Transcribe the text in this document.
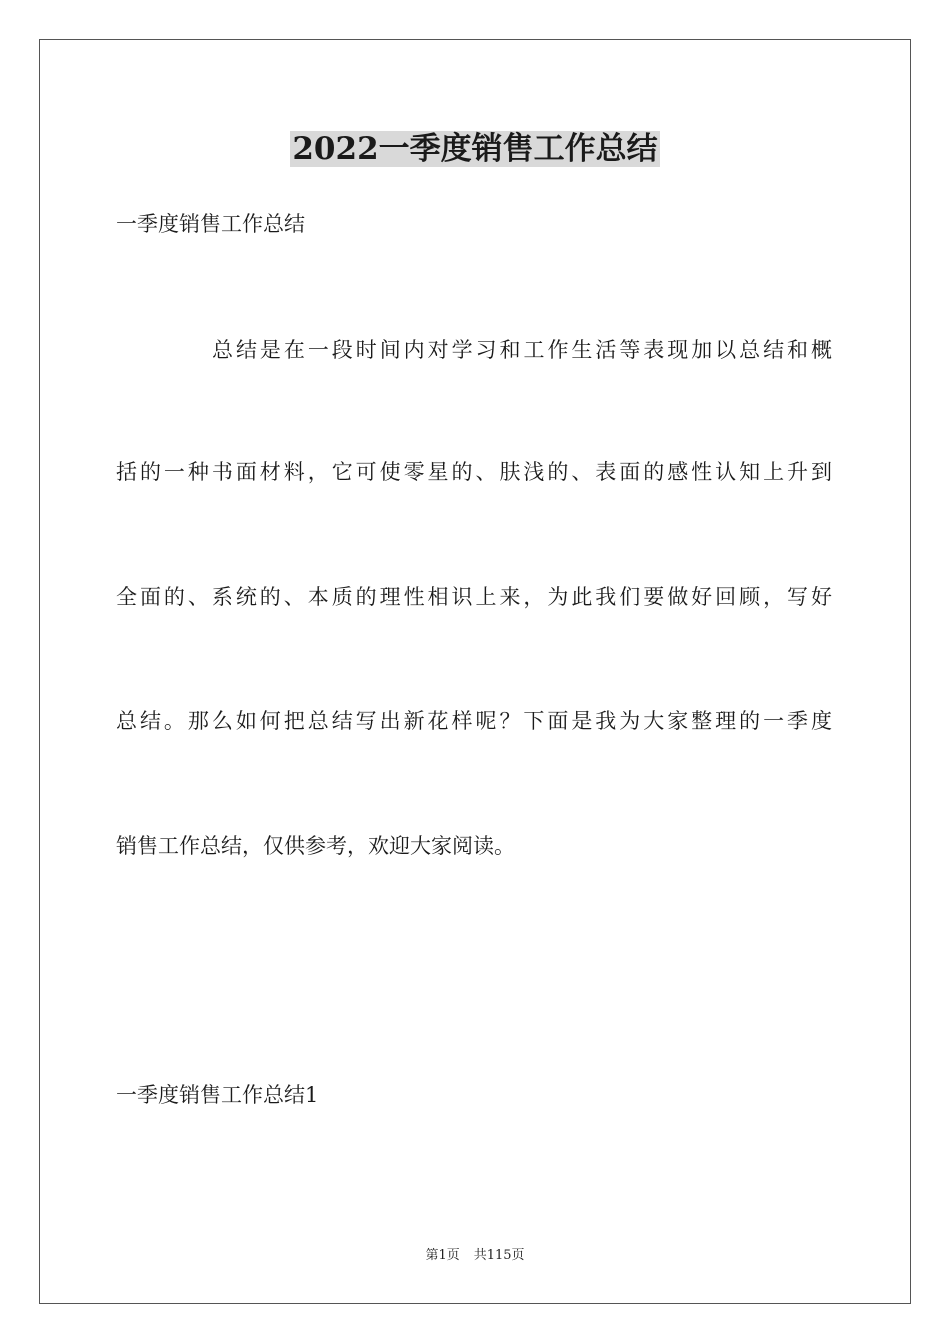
2022一季度销售工作总结

一季度销售工作总结

总结是在一段时间内对学习和工作生活等表现加以总结和概

括的一种书面材料，它可使零星的、肤浅的、表面的感性认知上升到

全面的、系统的、本质的理性相识上来，为此我们要做好回顾，写好

总结。那么如何把总结写出新花样呢？下面是我为大家整理的一季度

销售工作总结，仅供参考，欢迎大家阅读。

一季度销售工作总结1

第1页 共115页
